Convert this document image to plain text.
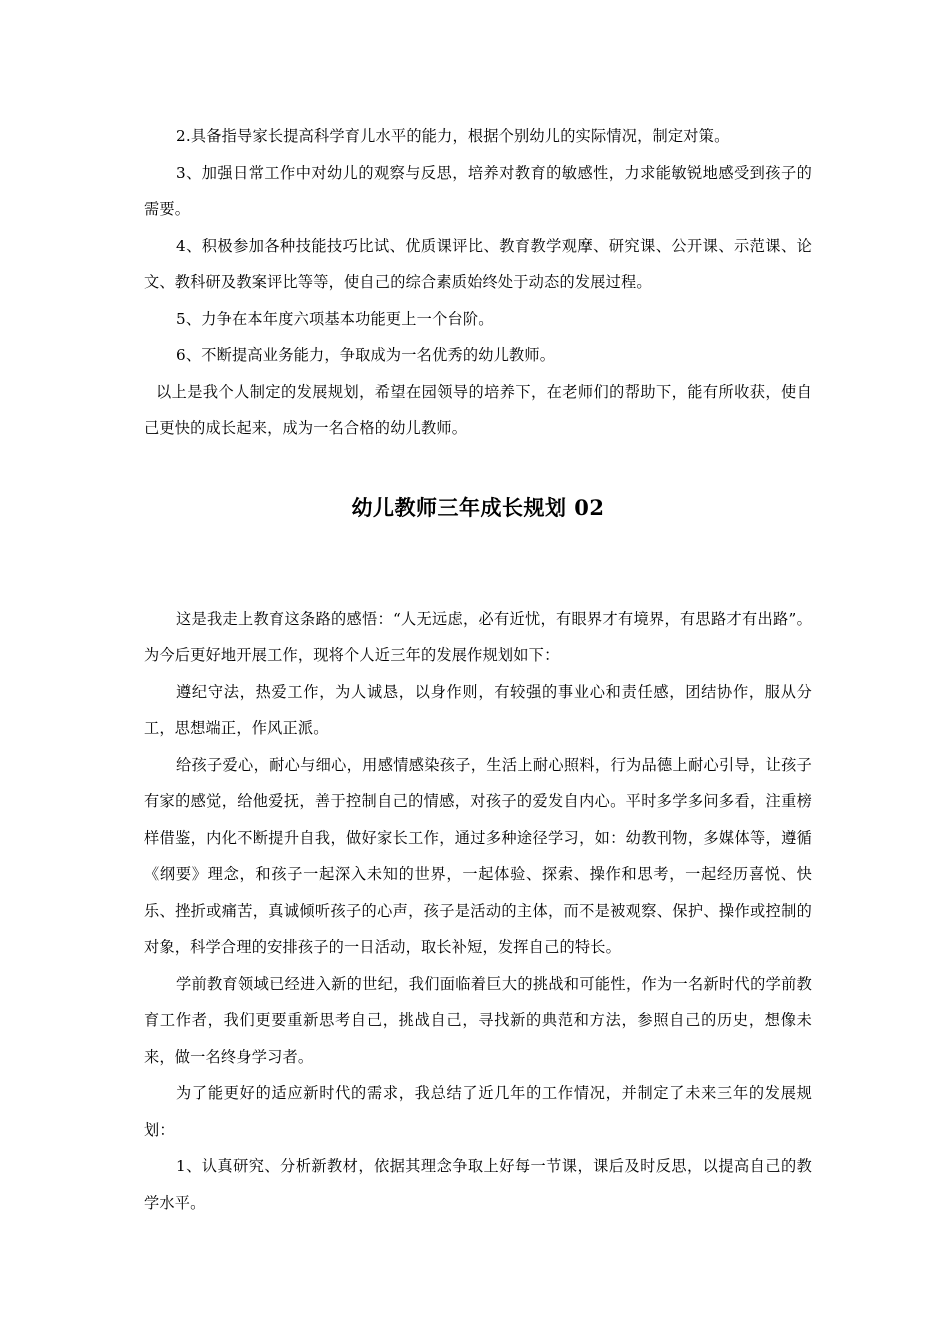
2.具备指导家长提高科学育儿水平的能力，根据个别幼儿的实际情况，制定对策。

3、加强日常工作中对幼儿的观察与反思，培养对教育的敏感性，力求能敏锐地感受到孩子的需要。

4、积极参加各种技能技巧比试、优质课评比、教育教学观摩、研究课、公开课、示范课、论文、教科研及教案评比等等，使自己的综合素质始终处于动态的发展过程。

5、力争在本年度六项基本功能更上一个台阶。

6、不断提高业务能力，争取成为一名优秀的幼儿教师。

以上是我个人制定的发展规划，希望在园领导的培养下，在老师们的帮助下，能有所收获，使自己更快的成长起来，成为一名合格的幼儿教师。

幼儿教师三年成长规划 02

这是我走上教育这条路的感悟：“人无远虑，必有近忧，有眼界才有境界，有思路才有出路”。为今后更好地开展工作，现将个人近三年的发展作规划如下：

遵纪守法，热爱工作，为人诚恳，以身作则，有较强的事业心和责任感，团结协作，服从分工，思想端正，作风正派。

给孩子爱心，耐心与细心，用感情感染孩子，生活上耐心照料，行为品德上耐心引导，让孩子有家的感觉，给他爱抚，善于控制自己的情感，对孩子的爱发自内心。平时多学多问多看，注重榜样借鉴，内化不断提升自我，做好家长工作，通过多种途径学习，如：幼教刊物，多媒体等，遵循《纲要》理念，和孩子一起深入未知的世界，一起体验、探索、操作和思考，一起经历喜悦、快乐、挫折或痛苦，真诚倾听孩子的心声，孩子是活动的主体，而不是被观察、保护、操作或控制的对象，科学合理的安排孩子的一日活动，取长补短，发挥自己的特长。

学前教育领域已经进入新的世纪，我们面临着巨大的挑战和可能性，作为一名新时代的学前教育工作者，我们更要重新思考自己，挑战自己，寻找新的典范和方法，参照自己的历史，想像未来，做一名终身学习者。

为了能更好的适应新时代的需求，我总结了近几年的工作情况，并制定了未来三年的发展规划：

1、认真研究、分析新教材，依据其理念争取上好每一节课，课后及时反思，以提高自己的教学水平。
